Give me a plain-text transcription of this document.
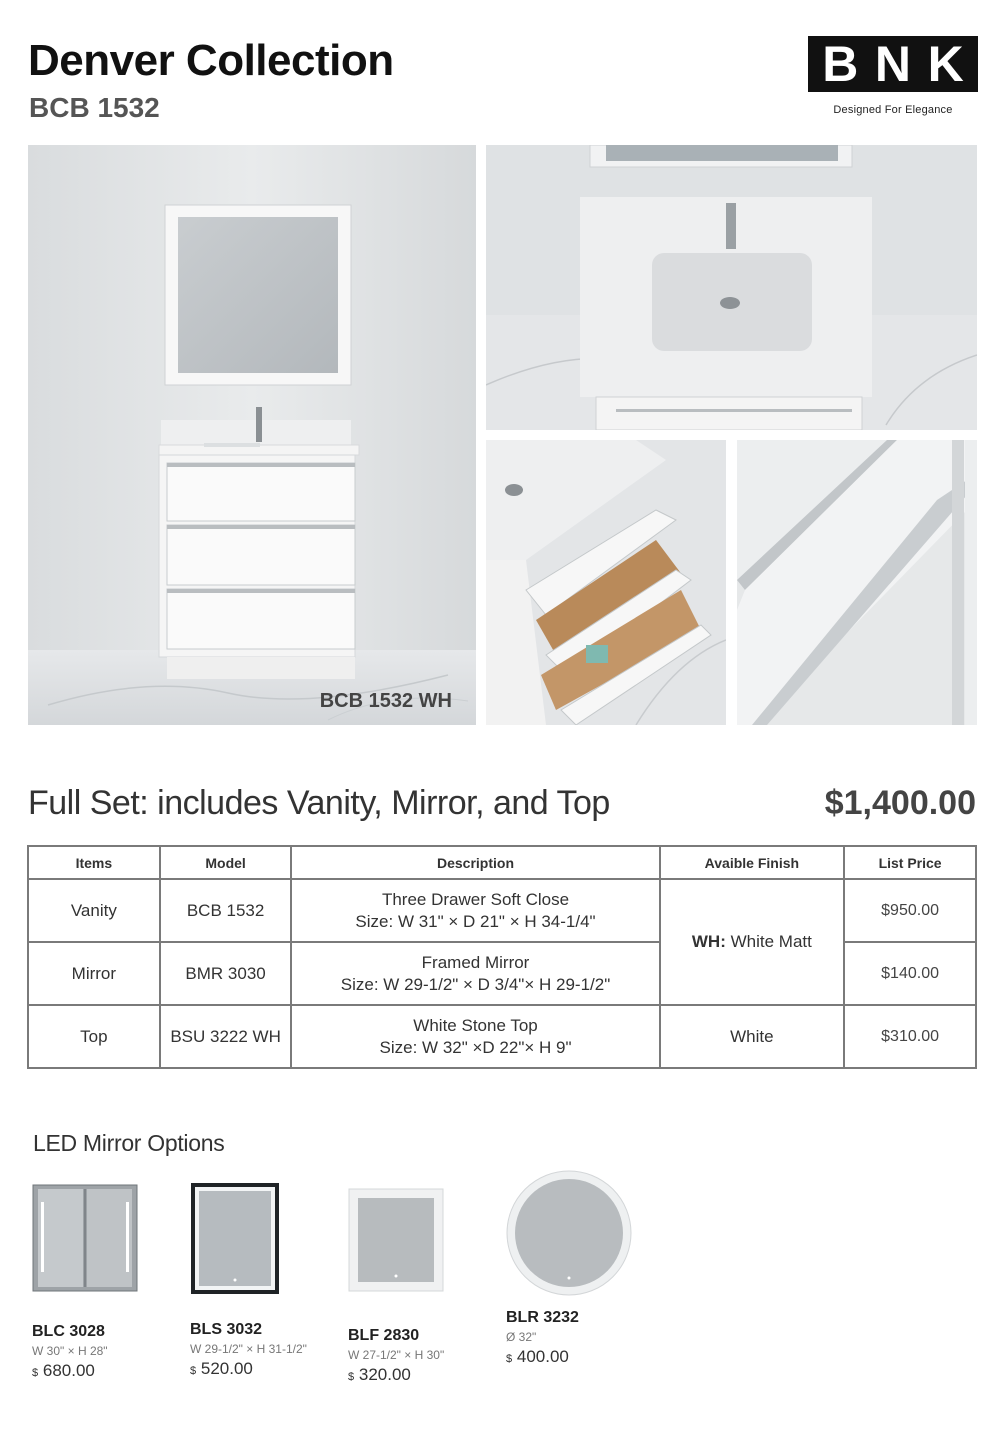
Denver Collection
BCB 1532
B N K
Designed For Elegance
BCB 1532 WH
Full Set: includes Vanity, Mirror, and Top	$1,400.00
Items	Model	Description	Avaible Finish	List Price
Vanity	BCB 1532	Three Drawer Soft Close
Size: W 31" × D 21" × H 34-1/4"	WH: White Matt	$950.00
Mirror	BMR 3030	Framed Mirror
Size: W 29-1/2" × D 3/4"× H 29-1/2"		$140.00
Top	BSU 3222 WH	White Stone Top
Size: W 32" ×D 22"× H 9"	White	$310.00
LED Mirror Options
BLC 3028
W 30" × H 28"
$ 680.00
BLS 3032
W 29-1/2" × H 31-1/2"
$ 520.00
BLF 2830
W 27-1/2" × H 30"
$ 320.00
BLR 3232
Ø 32"
$ 400.00
